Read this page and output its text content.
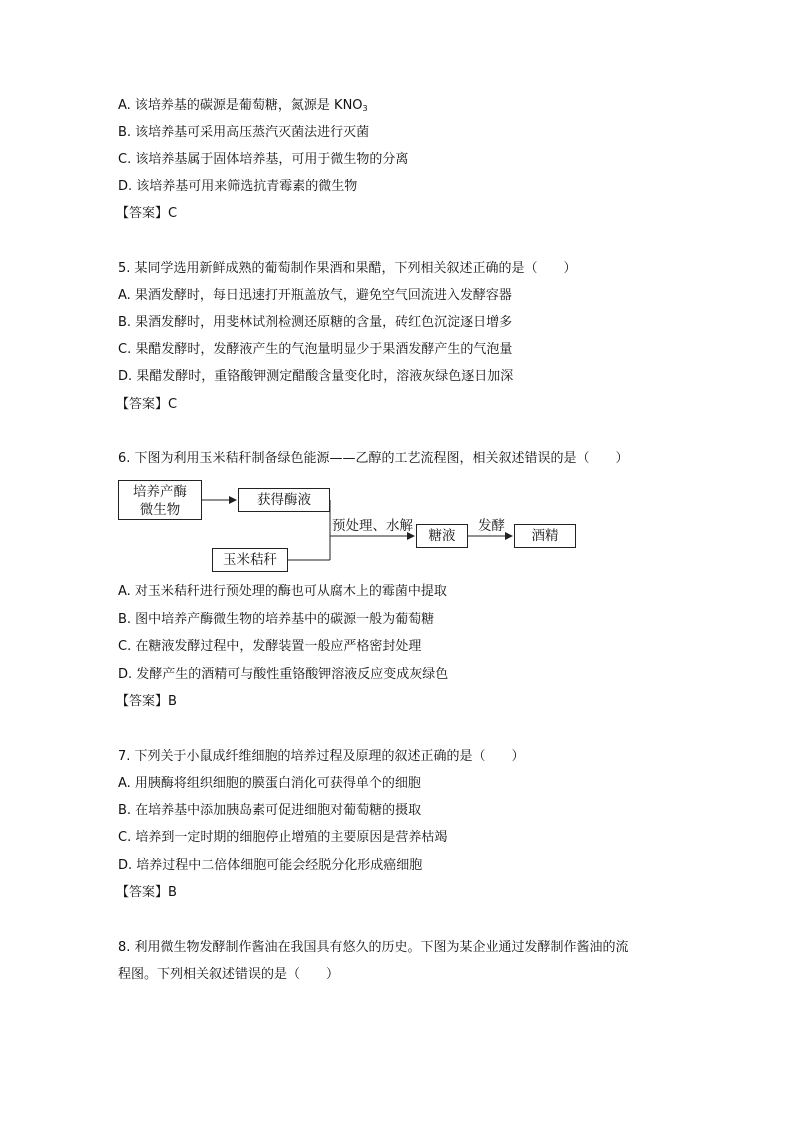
A. 该培养基的碳源是葡萄糖，氮源是 $KNO_3$
B. 该培养基可采用高压蒸汽灭菌法进行灭菌
C. 该培养基属于固体培养基，可用于微生物的分离
D. 该培养基可用来筛选抗青霉素的微生物
【答案】C
5. 某同学选用新鲜成熟的葡萄制作果酒和果醋，下列相关叙述正确的是（　　）
A. 果酒发酵时，每日迅速打开瓶盖放气，避免空气回流进入发酵容器
B. 果酒发酵时，用斐林试剂检测还原糖的含量，砖红色沉淀逐日增多
C. 果醋发酵时，发酵液产生的气泡量明显少于果酒发酵产生的气泡量
D. 果醋发酵时，重铬酸钾测定醋酸含量变化时，溶液灰绿色逐日加深
【答案】C
6. 下图为利用玉米秸秆制备绿色能源——乙醇的工艺流程图，相关叙述错误的是（　　）
培养产酶
微生物
获得酶液
玉米秸秆
预处理、水解
糖液
发酵
酒精
A. 对玉米秸秆进行预处理的酶也可从腐木上的霉菌中提取
B. 图中培养产酶微生物的培养基中的碳源一般为葡萄糖
C. 在糖液发酵过程中，发酵装置一般应严格密封处理
D. 发酵产生的酒精可与酸性重铬酸钾溶液反应变成灰绿色
【答案】B
7. 下列关于小鼠成纤维细胞的培养过程及原理的叙述正确的是（　　）
A. 用胰酶将组织细胞的膜蛋白消化可获得单个的细胞
B. 在培养基中添加胰岛素可促进细胞对葡萄糖的摄取
C. 培养到一定时期的细胞停止增殖的主要原因是营养枯竭
D. 培养过程中二倍体细胞可能会经脱分化形成癌细胞
【答案】B
8. 利用微生物发酵制作酱油在我国具有悠久的历史。下图为某企业通过发酵制作酱油的流
程图。下列相关叙述错误的是（　　）
